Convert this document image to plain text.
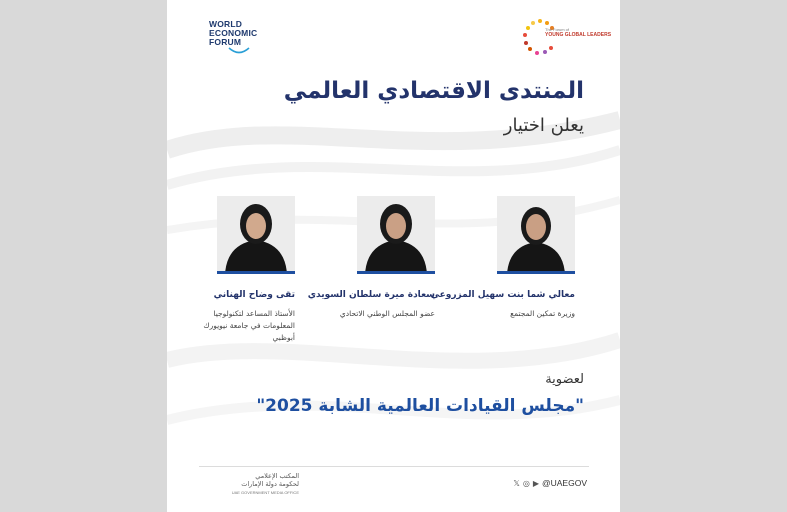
WORLD
ECONOMIC
FORUM
The Forum of
YOUNG GLOBAL LEADERS
المنتدى الاقتصادي العالمي
يعلن اختيار
معالي شما بنت سهيل المزروعي
وزيرة تمكين المجتمع
سعادة ميرة سلطان السويدي
عضو المجلس الوطني الاتحادي
تقى وضاح الهناني
الأستاذ المساعد لتكنولوجيا المعلومات في جامعة نيويورك أبوظبي
لعضوية
"مجلس القيادات العالمية الشابة 2025"
المكتب الإعلامي
لحكومة دولة الإمارات
UAE GOVERNMENT MEDIA OFFICE
𝕏 ◎ ▶ @UAEGOV
